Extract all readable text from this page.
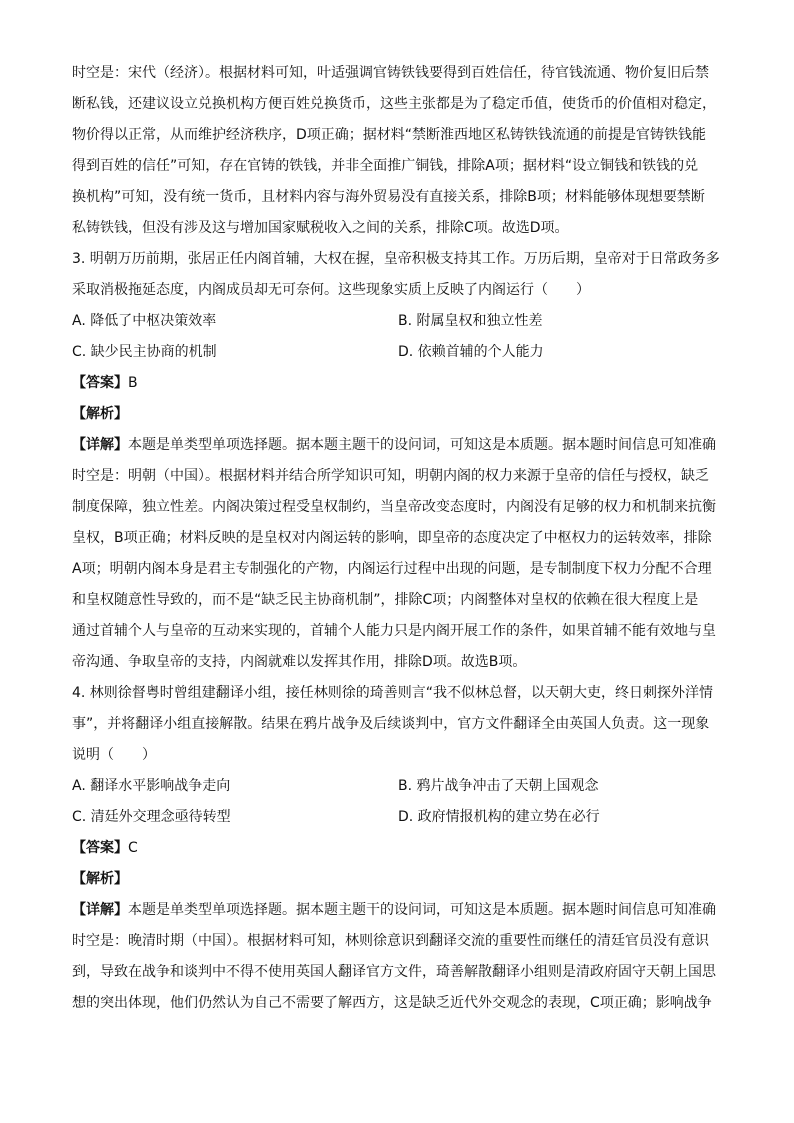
时空是：宋代（经济）。根据材料可知，叶适强调官铸铁钱要得到百姓信任，待官钱流通、物价复旧后禁
断私钱，还建议设立兑换机构方便百姓兑换货币，这些主张都是为了稳定币值，使货币的价值相对稳定，
物价得以正常，从而维护经济秩序，D项正确；据材料“禁断淮西地区私铸铁钱流通的前提是官铸铁钱能
得到百姓的信任”可知，存在官铸的铁钱，并非全面推广铜钱，排除A项；据材料“设立铜钱和铁钱的兑
换机构”可知，没有统一货币，且材料内容与海外贸易没有直接关系，排除B项；材料能够体现想要禁断
私铸铁钱，但没有涉及这与增加国家赋税收入之间的关系，排除C项。故选D项。
3. 明朝万历前期，张居正任内阁首辅，大权在握，皇帝积极支持其工作。万历后期，皇帝对于日常政务多
采取消极拖延态度，内阁成员却无可奈何。这些现象实质上反映了内阁运行（　　）
A. 降低了中枢决策效率	B. 附属皇权和独立性差
C. 缺少民主协商的机制	D. 依赖首辅的个人能力
【答案】B
【解析】
【详解】本题是单类型单项选择题。据本题主题干的设问词，可知这是本质题。据本题时间信息可知准确
时空是：明朝（中国）。根据材料并结合所学知识可知，明朝内阁的权力来源于皇帝的信任与授权，缺乏
制度保障，独立性差。内阁决策过程受皇权制约，当皇帝改变态度时，内阁没有足够的权力和机制来抗衡
皇权，B项正确；材料反映的是皇权对内阁运转的影响，即皇帝的态度决定了中枢权力的运转效率，排除
A项；明朝内阁本身是君主专制强化的产物，内阁运行过程中出现的问题，是专制制度下权力分配不合理
和皇权随意性导致的，而不是“缺乏民主协商机制”，排除C项；内阁整体对皇权的依赖在很大程度上是
通过首辅个人与皇帝的互动来实现的，首辅个人能力只是内阁开展工作的条件，如果首辅不能有效地与皇
帝沟通、争取皇帝的支持，内阁就难以发挥其作用，排除D项。故选B项。
4. 林则徐督粤时曾组建翻译小组，接任林则徐的琦善则言“我不似林总督，以天朝大吏，终日刺探外洋情
事”，并将翻译小组直接解散。结果在鸦片战争及后续谈判中，官方文件翻译全由英国人负责。这一现象
说明（　　）
A. 翻译水平影响战争走向	B. 鸦片战争冲击了天朝上国观念
C. 清廷外交理念亟待转型	D. 政府情报机构的建立势在必行
【答案】C
【解析】
【详解】本题是单类型单项选择题。据本题主题干的设问词，可知这是本质题。据本题时间信息可知准确
时空是：晚清时期（中国）。根据材料可知，林则徐意识到翻译交流的重要性而继任的清廷官员没有意识
到，导致在战争和谈判中不得不使用英国人翻译官方文件，琦善解散翻译小组则是清政府固守天朝上国思
想的突出体现，他们仍然认为自己不需要了解西方，这是缺乏近代外交观念的表现，C项正确；影响战争
